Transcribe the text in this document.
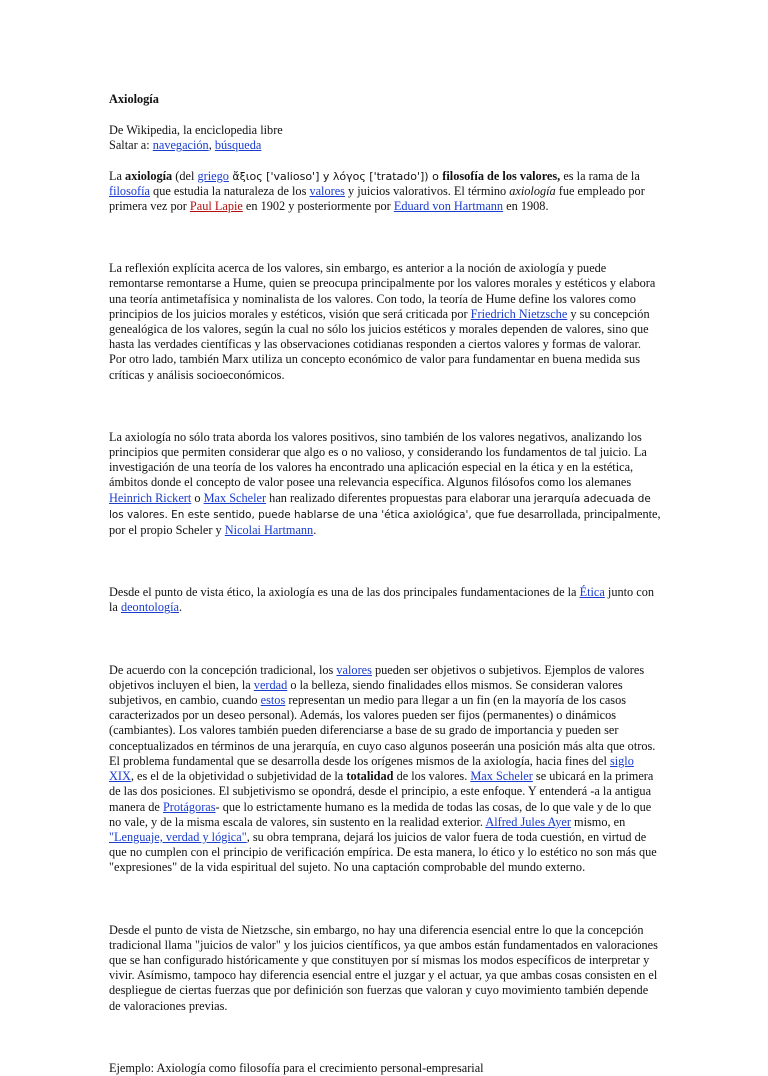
Axiología

De Wikipedia, la enciclopedia libre
Saltar a: navegación, búsqueda

La axiología (del griego ἄξιος ['valioso'] y λόγος ['tratado']) o filosofía de los valores, es la rama de la filosofía que estudia la naturaleza de los valores y juicios valorativos. El término axiología fue empleado por primera vez por Paul Lapie en 1902 y posteriormente por Eduard von Hartmann en 1908.

La reflexión explícita acerca de los valores, sin embargo, es anterior a la noción de axiología y puede remontarse remontarse a Hume, quien se preocupa principalmente por los valores morales y estéticos y elabora una teoría antimetafísica y nominalista de los valores. Con todo, la teoría de Hume define los valores como principios de los juicios morales y estéticos, visión que será criticada por Friedrich Nietzsche y su concepción genealógica de los valores, según la cual no sólo los juicios estéticos y morales dependen de valores, sino que hasta las verdades científicas y las observaciones cotidianas responden a ciertos valores y formas de valorar. Por otro lado, también Marx utiliza un concepto económico de valor para fundamentar en buena medida sus críticas y análisis socioeconómicos.

La axiología no sólo trata aborda los valores positivos, sino también de los valores negativos, analizando los principios que permiten considerar que algo es o no valioso, y considerando los fundamentos de tal juicio. La investigación de una teoría de los valores ha encontrado una aplicación especial en la ética y en la estética, ámbitos donde el concepto de valor posee una relevancia específica. Algunos filósofos como los alemanes Heinrich Rickert o Max Scheler han realizado diferentes propuestas para elaborar una jerarquía adecuada de los valores. En este sentido, puede hablarse de una 'ética axiológica', que fue desarrollada, principalmente, por el propio Scheler y Nicolai Hartmann.

Desde el punto de vista ético, la axiología es una de las dos principales fundamentaciones de la Ética junto con la deontología.

De acuerdo con la concepción tradicional, los valores pueden ser objetivos o subjetivos. Ejemplos de valores objetivos incluyen el bien, la verdad o la belleza, siendo finalidades ellos mismos. Se consideran valores subjetivos, en cambio, cuando estos representan un medio para llegar a un fin (en la mayoría de los casos caracterizados por un deseo personal). Además, los valores pueden ser fijos (permanentes) o dinámicos (cambiantes). Los valores también pueden diferenciarse a base de su grado de importancia y pueden ser conceptualizados en términos de una jerarquía, en cuyo caso algunos poseerán una posición más alta que otros. El problema fundamental que se desarrolla desde los orígenes mismos de la axiología, hacia fines del siglo XIX, es el de la objetividad o subjetividad de la totalidad de los valores. Max Scheler se ubicará en la primera de las dos posiciones. El subjetivismo se opondrá, desde el principio, a este enfoque. Y entenderá -a la antigua manera de Protágoras- que lo estrictamente humano es la medida de todas las cosas, de lo que vale y de lo que no vale, y de la misma escala de valores, sin sustento en la realidad exterior. Alfred Jules Ayer mismo, en "Lenguaje, verdad y lógica", su obra temprana, dejará los juicios de valor fuera de toda cuestión, en virtud de que no cumplen con el principio de verificación empírica. De esta manera, lo ético y lo estético no son más que "expresiones" de la vida espiritual del sujeto. No una captación comprobable del mundo externo.

Desde el punto de vista de Nietzsche, sin embargo, no hay una diferencia esencial entre lo que la concepción tradicional llama "juicios de valor" y los juicios científicos, ya que ambos están fundamentados en valoraciones que se han configurado históricamente y que constituyen por sí mismas los modos específicos de interpretar y vivir. Asímismo, tampoco hay diferencia esencial entre el juzgar y el actuar, ya que ambas cosas consisten en el despliegue de ciertas fuerzas que por definición son fuerzas que valoran y cuyo movimiento también depende de valoraciones previas.

Ejemplo: Axiología como filosofía para el crecimiento personal-empresarial
